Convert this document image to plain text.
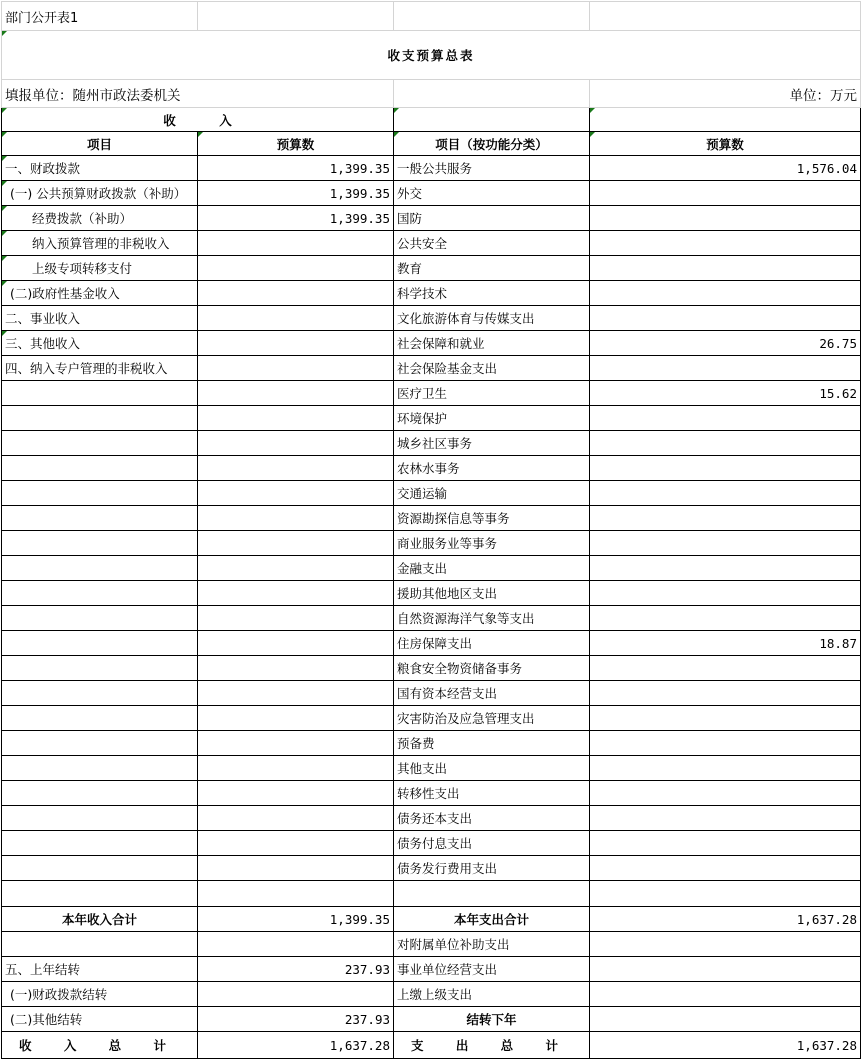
部门公开表1			
收支预算总表			
填报单位：随州市政法委机关			单位：万元
收          入			
项目	预算数	项目（按功能分类）	预算数
一、财政拨款	1,399.35	一般公共服务	1,576.04
(一) 公共预算财政拨款（补助）	1,399.35	外交	
经费拨款（补助）	1,399.35	国防	
纳入预算管理的非税收入		公共安全	
上级专项转移支付		教育	
(二)政府性基金收入		科学技术	
二、事业收入		文化旅游体育与传媒支出	
三、其他收入		社会保障和就业	26.75
四、纳入专户管理的非税收入		社会保险基金支出	
		医疗卫生	15.62
		环境保护	
		城乡社区事务	
		农林水事务	
		交通运输	
		资源勘探信息等事务	
		商业服务业等事务	
		金融支出	
		援助其他地区支出	
		自然资源海洋气象等支出	
		住房保障支出	18.87
		粮食安全物资储备事务	
		国有资本经营支出	
		灾害防治及应急管理支出	
		预备费	
		其他支出	
		转移性支出	
		债务还本支出	
		债务付息支出	
		债务发行费用支出	

本年收入合计	1,399.35	本年支出合计	1,637.28
		对附属单位补助支出	
五、上年结转	237.93	事业单位经营支出	
(一)财政拨款结转		上缴上级支出	
(二)其他结转	237.93	结转下年	
收 入 总 计	1,637.28	支 出 总 计	1,637.28
